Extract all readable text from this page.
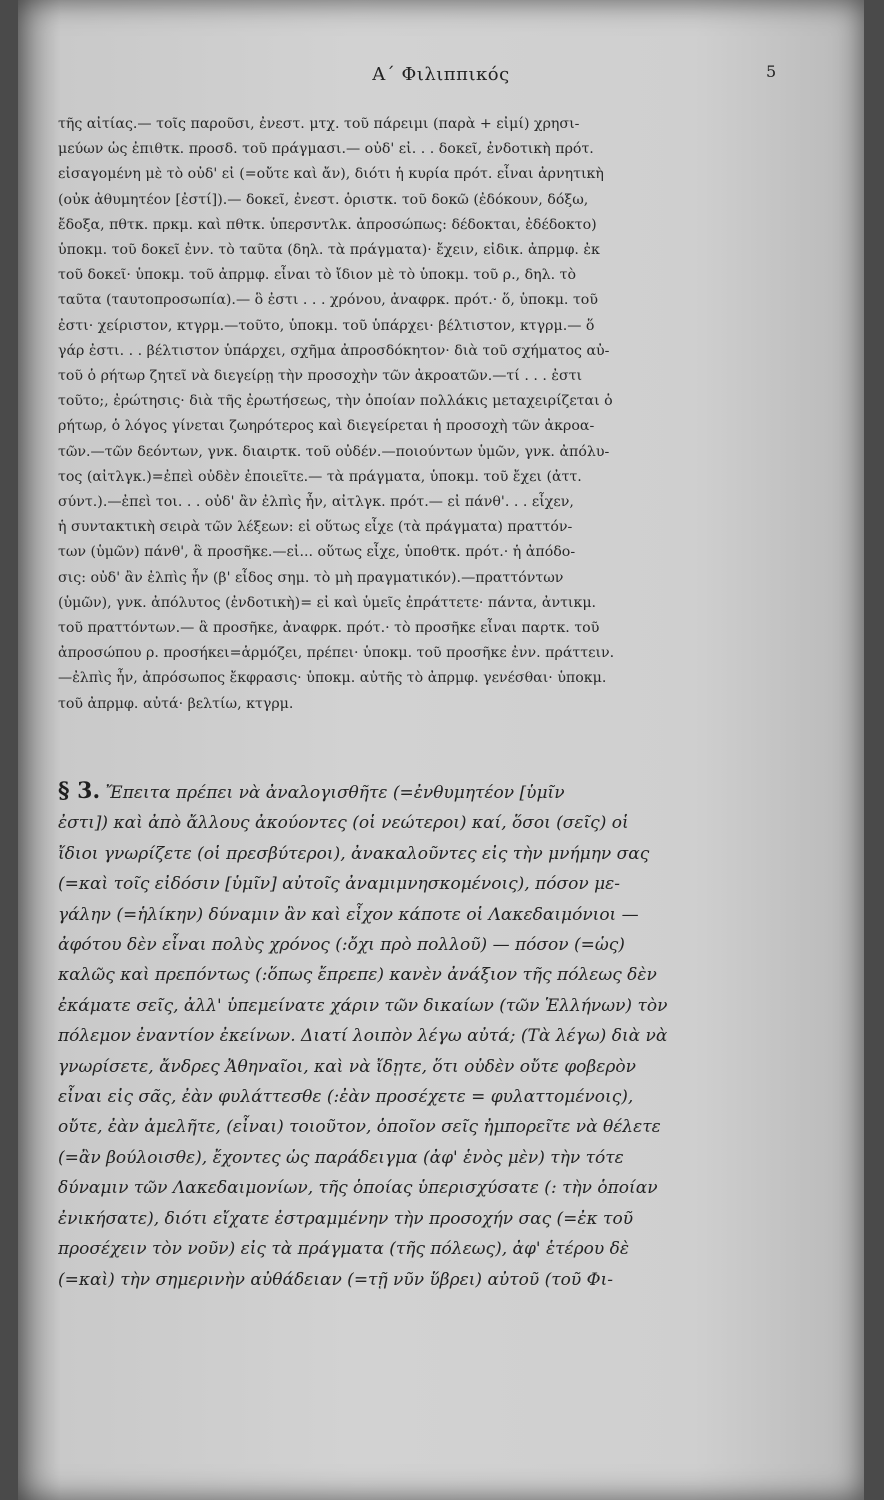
Α΄ Φιλιππικός	5

τῆς αἰτίας.— τοῖς παροῦσι, ἐνεστ. μτχ. τοῦ πάρειμι (παρὰ + εἰμί) χρησι-

μεύων ὡς ἐπιθτκ. προσδ. τοῦ πράγμασι.— οὐδ' εἰ. . . δοκεῖ, ἐνδοτικὴ πρότ.

εἰσαγομένη μὲ τὸ οὐδ' εἰ (=οὔτε καὶ ἄν), διότι ἡ κυρία πρότ. εἶναι ἀρνητικὴ

(οὐκ ἀθυμητέον [ἐστί]).— δοκεῖ, ἐνεστ. ὁριστκ. τοῦ δοκῶ (ἐδόκουν, δόξω,

ἔδοξα, πθτκ. πρκμ. καὶ πθτκ. ὑπερσντλκ. ἀπροσώπως: δέδοκται, ἐδέδοκτο)

ὑποκμ. τοῦ δοκεῖ ἐνν. τὸ ταῦτα (δηλ. τὰ πράγματα)· ἔχειν, εἰδικ. ἀπρμφ. ἐκ

τοῦ δοκεῖ· ὑποκμ. τοῦ ἀπρμφ. εἶναι τὸ ἴδιον μὲ τὸ ὑποκμ. τοῦ ρ., δηλ. τὸ

ταῦτα (ταυτοπροσωπία).— ὃ ἐστι . . . χρόνου, ἀναφρκ. πρότ.· ὅ, ὑποκμ. τοῦ

ἐστι· χείριστον, κτγρμ.—τοῦτο, ὑποκμ. τοῦ ὑπάρχει· βέλτιστον, κτγρμ.— ὅ

γάρ ἐστι. . . βέλτιστον ὑπάρχει, σχῆμα ἀπροσδόκητον· διὰ τοῦ σχήματος αὐ-

τοῦ ὁ ρήτωρ ζητεῖ νὰ διεγείρῃ τὴν προσοχὴν τῶν ἀκροατῶν.—τί . . . ἐστι

τοῦτο;, ἐρώτησις· διὰ τῆς ἐρωτήσεως, τὴν ὁποίαν πολλάκις μεταχειρίζεται ὁ

ρήτωρ, ὁ λόγος γίνεται ζωηρότερος καὶ διεγείρεται ἡ προσοχὴ τῶν ἀκροα-

τῶν.—τῶν δεόντων, γνκ. διαιρτκ. τοῦ οὐδέν.—ποιούντων ὑμῶν, γνκ. ἀπόλυ-

τος (αἰτλγκ.)=ἐπεὶ οὐδὲν ἐποιεῖτε.— τὰ πράγματα, ὑποκμ. τοῦ ἔχει (ἀττ.

σύντ.).—ἐπεὶ τοι. . . οὐδ' ἂν ἐλπὶς ἦν, αἰτλγκ. πρότ.— εἰ πάνθ'. . . εἶχεν,

ἡ συντακτικὴ σειρὰ τῶν λέξεων: εἰ οὕτως εἶχε (τὰ πράγματα) πραττόν-

των (ὑμῶν) πάνθ', ἃ προσῆκε.—εἰ... οὕτως εἶχε, ὑποθτκ. πρότ.· ἡ ἀπόδο-

σις: οὐδ' ἂν ἐλπὶς ἦν (β' εἶδος σημ. τὸ μὴ πραγματικόν).—πραττόντων

(ὑμῶν), γνκ. ἀπόλυτος (ἐνδοτικὴ)= εἰ καὶ ὑμεῖς ἐπράττετε· πάντα, ἀντικμ.

τοῦ πραττόντων.— ἃ προσῆκε, ἀναφρκ. πρότ.· τὸ προσῆκε εἶναι παρτκ. τοῦ

ἀπροσώπου ρ. προσήκει=ἁρμόζει, πρέπει· ὑποκμ. τοῦ προσῆκε ἐνν. πράττειν.

—ἐλπὶς ἦν, ἀπρόσωπος ἔκφρασις· ὑποκμ. αὐτῆς τὸ ἀπρμφ. γενέσθαι· ὑποκμ.

τοῦ ἀπρμφ. αὐτά· βελτίω, κτγρμ.

§ 3. Ἔπειτα πρέπει νὰ ἀναλογισθῆτε (=ἐνθυμητέον [ὑμῖν

ἐστι]) καὶ ἀπὸ ἄλλους ἀκούοντες (οἱ νεώτεροι) καί, ὅσοι (σεῖς) οἱ

ἴδιοι γνωρίζετε (οἱ πρεσβύτεροι), ἀνακαλοῦντες εἰς τὴν μνήμην σας

(=καὶ τοῖς εἰδόσιν [ὑμῖν] αὐτοῖς ἀναμιμνησκομένοις), πόσον με-

γάλην (=ἡλίκην) δύναμιν ἂν καὶ εἶχον κάποτε οἱ Λακεδαιμόνιοι —

ἀφότου δὲν εἶναι πολὺς χρόνος (:ὄχι πρὸ πολλοῦ) — πόσον (=ὡς)

καλῶς καὶ πρεπόντως (:ὅπως ἔπρεπε) κανὲν ἀνάξιον τῆς πόλεως δὲν

ἐκάματε σεῖς, ἀλλ' ὑπεμείνατε χάριν τῶν δικαίων (τῶν Ἑλλήνων) τὸν

πόλεμον ἐναντίον ἐκείνων. Διατί λοιπὸν λέγω αὐτά; (Τὰ λέγω) διὰ νὰ

γνωρίσετε, ἄνδρες Ἀθηναῖοι, καὶ νὰ ἴδῃτε, ὅτι οὐδὲν οὔτε φοβερὸν

εἶναι εἰς σᾶς, ἐὰν φυλάττεσθε (:ἐὰν προσέχετε = φυλαττομένοις),

οὔτε, ἐὰν ἀμελῆτε, (εἶναι) τοιοῦτον, ὁποῖον σεῖς ἠμπορεῖτε νὰ θέλετε

(=ἂν βούλοισθε), ἔχοντες ὡς παράδειγμα (ἀφ' ἑνὸς μὲν) τὴν τότε

δύναμιν τῶν Λακεδαιμονίων, τῆς ὁποίας ὑπερισχύσατε (: τὴν ὁποίαν

ἐνικήσατε), διότι εἴχατε ἐστραμμένην τὴν προσοχήν σας (=ἐκ τοῦ

προσέχειν τὸν νοῦν) εἰς τὰ πράγματα (τῆς πόλεως), ἀφ' ἑτέρου δὲ

(=καὶ) τὴν σημερινὴν αὐθάδειαν (=τῇ νῦν ὕβρει) αὐτοῦ (τοῦ Φι-
